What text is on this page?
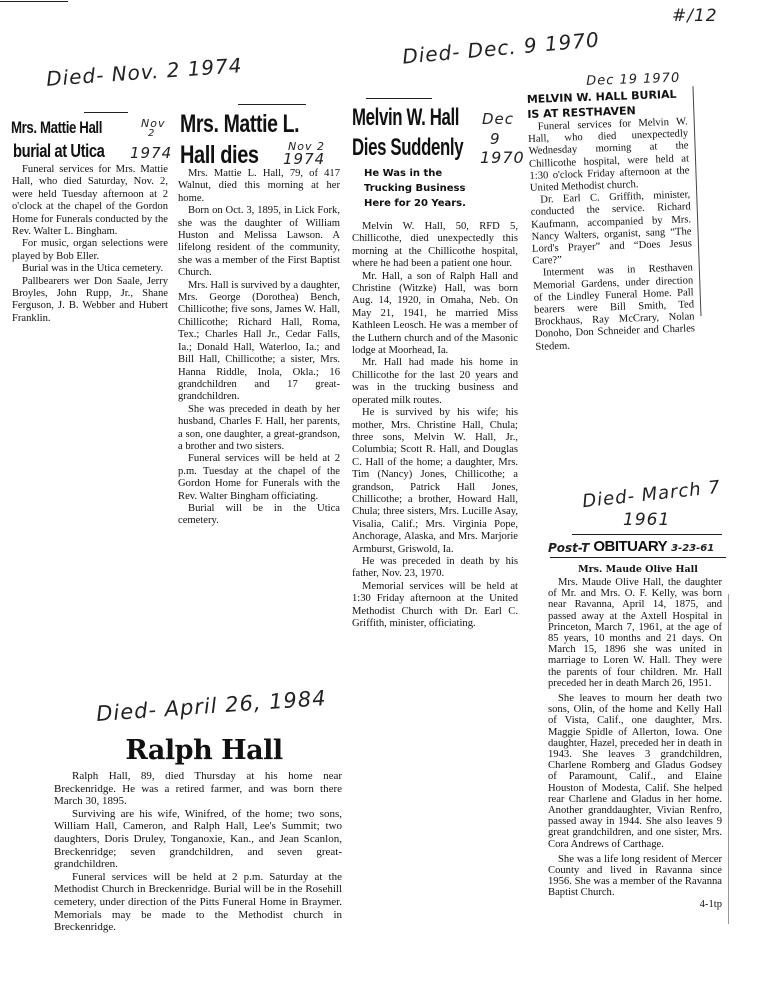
#/12
Died- Nov. 2 1974
Mrs. Mattie Hall
burial at Utica
Nov
2
1974

Funeral services for Mrs. Mattie Hall, who died Saturday, Nov. 2, were held Tuesday afternoon at 2 o'clock at the chapel of the Gordon Home for Funerals conducted by the Rev. Walter L. Bingham.

For music, organ selections were played by Bob Eller.

Burial was in the Utica cemetery.

Pallbearers wer Don Saale, Jerry Broyles, John Rupp, Jr., Shane Ferguson, J. B. Webber and Hubert Franklin.

Mrs. Mattie L.
Hall dies	Nov 2
1974

Mrs. Mattie L. Hall, 79, of 417 Walnut, died this morning at her home.

Born on Oct. 3, 1895, in Lick Fork, she was the daughter of William Huston and Melissa Lawson. A lifelong resident of the community, she was a member of the First Baptist Church.

Mrs. Hall is survived by a daughter, Mrs. George (Dorothea) Bench, Chillicothe; five sons, James W. Hall, Chillicothe; Richard Hall, Roma, Tex.; Charles Hall Jr., Cedar Falls, Ia.; Donald Hall, Waterloo, Ia.; and Bill Hall, Chillicothe; a sister, Mrs. Hanna Riddle, Inola, Okla.; 16 grandchildren and 17 great-grandchildren.

She was preceded in death by her husband, Charles F. Hall, her parents, a son, one daughter, a great-grandson, a brother and two sisters.

Funeral services will be held at 2 p.m. Tuesday at the chapel of the Gordon Home for Funerals with the Rev. Walter Bingham officiating.

Burial will be in the Utica cemetery.

Died- Dec. 9 1970
Melvin W. Hall
Dies Suddenly
Dec
9
1970
He Was in the
Trucking Business
Here for 20 Years.

Melvin W. Hall, 50, RFD 5, Chillicothe, died unexpectedly this morning at the Chillicothe hospital, where he had been a patient one hour.

Mr. Hall, a son of Ralph Hall and Christine (Witzke) Hall, was born Aug. 14, 1920, in Omaha, Neb. On May 21, 1941, he married Miss Kathleen Leosch. He was a member of the Luthern church and of the Masonic lodge at Moorhead, Ia.

Mr. Hall had made his home in Chillicothe for the last 20 years and was in the trucking business and operated milk routes.

He is survived by his wife; his mother, Mrs. Christine Hall, Chula; three sons, Melvin W. Hall, Jr., Columbia; Scott R. Hall, and Douglas C. Hall of the home; a daughter, Mrs. Tim (Nancy) Jones, Chillicothe; a grandson, Patrick Hall Jones, Chillicothe; a brother, Howard Hall, Chula; three sisters, Mrs. Lucille Asay, Visalia, Calif.; Mrs. Virginia Pope, Anchorage, Alaska, and Mrs. Marjorie Armburst, Griswold, Ia.

He was preceded in death by his father, Nov. 23, 1970.

Memorial services will be held at 1:30 Friday afternoon at the United Methodist Church with Dr. Earl C. Griffith, minister, officiating.

Dec 19 1970
MELVIN W. HALL BURIAL
IS AT RESTHAVEN

Funeral services for Melvin W. Hall, who died unexpectedly Wednesday morning at the Chillicothe hospital, were held at 1:30 o'clock Friday afternoon at the United Methodist church.

Dr. Earl C. Griffith, minister, conducted the service. Richard Kaufmann, accompanied by Mrs. Nancy Walters, organist, sang “The Lord's Prayer” and “Does Jesus Care?”

Interment was in Resthaven Memorial Gardens, under direction of the Lindley Funeral Home. Pall bearers were Bill Smith, Ted Brockhaus, Ray McCrary, Nolan Donoho, Don Schneider and Charles Stedem.

Died- March 7
1961
Post-T OBITUARY 3-23-61
Mrs. Maude Olive Hall

Mrs. Maude Olive Hall, the daughter of Mr. and Mrs. O. F. Kelly, was born near Ravanna, April 14, 1875, and passed away at the Axtell Hospital in Princeton, March 7, 1961, at the age of 85 years, 10 months and 21 days. On March 15, 1896 she was united in marriage to Loren W. Hall. They were the parents of four children. Mr. Hall preceded her in death March 26, 1951.

She leaves to mourn her death two sons, Olin, of the home and Kelly Hall of Vista, Calif., one daughter, Mrs. Maggie Spidle of Allerton, Iowa. One daughter, Hazel, preceded her in death in 1943. She leaves 3 grandchildren, Charlene Romberg and Gladus Godsey of Paramount, Calif., and Elaine Houston of Modesta, Calif. She helped rear Charlene and Gladus in her home. Another granddaughter, Vivian Renfro, passed away in 1944. She also leaves 9 great grandchildren, and one sister, Mrs. Cora Andrews of Carthage.

She was a life long resident of Mercer County and lived in Ravanna since 1956. She was a member of the Ravanna Baptist Church.

4-1tp
Died- April 26, 1984
Ralph Hall

Ralph Hall, 89, died Thursday at his home near Breckenridge. He was a retired farmer, and was born there March 30, 1895.

Surviving are his wife, Winifred, of the home; two sons, William Hall, Cameron, and Ralph Hall, Lee's Summit; two daughters, Doris Druley, Tonganoxie, Kan., and Jean Scanlon, Breckenridge; seven grandchildren, and seven great-grandchildren.

Funeral services will be held at 2 p.m. Saturday at the Methodist Church in Breckenridge. Burial will be in the Rosehill cemetery, under direction of the Pitts Funeral Home in Braymer. Memorials may be made to the Methodist church in Breckenridge.
